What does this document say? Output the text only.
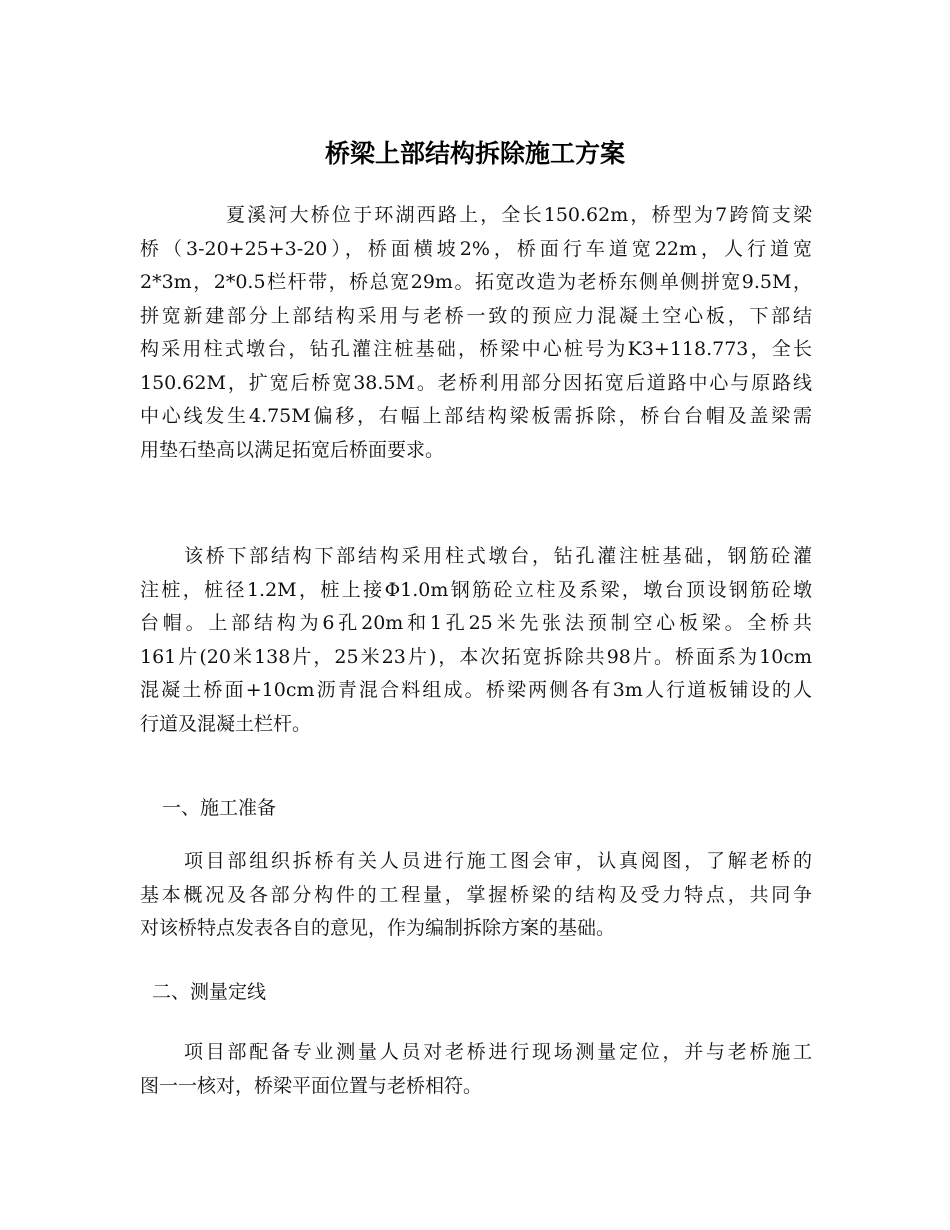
桥梁上部结构拆除施工方案
夏溪河大桥位于环湖西路上，全长150.62m，桥型为7跨简支梁
桥（3-20+25+3-20），桥面横坡2%，桥面行车道宽22m，人行道宽
2*3m，2*0.5栏杆带，桥总宽29m。拓宽改造为老桥东侧单侧拼宽9.5M，
拼宽新建部分上部结构采用与老桥一致的预应力混凝土空心板，下部结
构采用柱式墩台，钻孔灌注桩基础，桥梁中心桩号为K3+118.773，全长
150.62M，扩宽后桥宽38.5M。老桥利用部分因拓宽后道路中心与原路线
中心线发生4.75M偏移，右幅上部结构梁板需拆除，桥台台帽及盖梁需
用垫石垫高以满足拓宽后桥面要求。
该桥下部结构下部结构采用柱式墩台，钻孔灌注桩基础，钢筋砼灌
注桩，桩径1.2M，桩上接Φ1.0m钢筋砼立柱及系梁，墩台顶设钢筋砼墩
台帽。上部结构为6孔20m和1孔25米先张法预制空心板梁。全桥共
161片(20米138片，25米23片)，本次拓宽拆除共98片。桥面系为10cm
混凝土桥面+10cm沥青混合料组成。桥梁两侧各有3m人行道板铺设的人
行道及混凝土栏杆。
一、施工准备
项目部组织拆桥有关人员进行施工图会审，认真阅图，了解老桥的
基本概况及各部分构件的工程量，掌握桥梁的结构及受力特点，共同争
对该桥特点发表各自的意见，作为编制拆除方案的基础。
二、测量定线
项目部配备专业测量人员对老桥进行现场测量定位，并与老桥施工
图一一核对，桥梁平面位置与老桥相符。
